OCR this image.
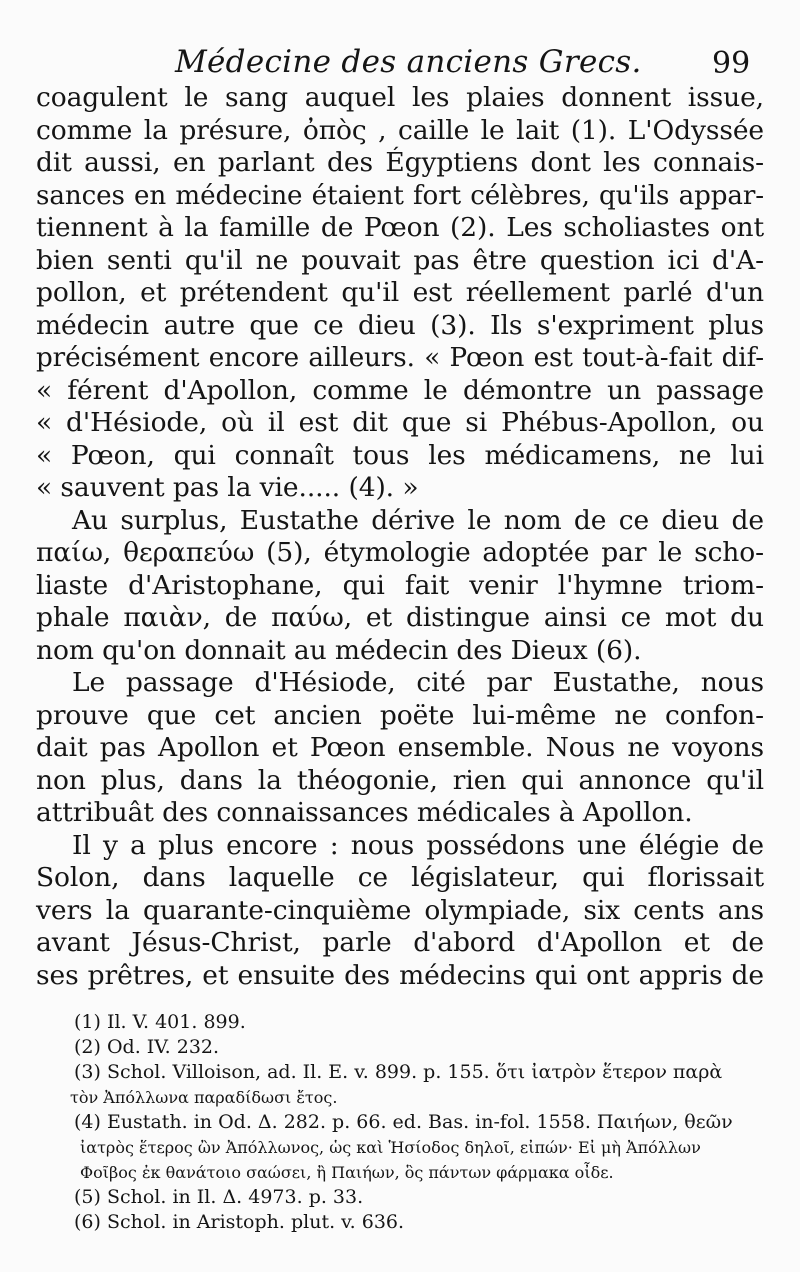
Médecine des anciens Grecs. 99
coagulent le sang auquel les plaies donnent issue,
comme la présure, ὀπὸς , caille le lait (1). L'Odyssée
dit aussi, en parlant des Égyptiens dont les connais-
sances en médecine étaient fort célèbres, qu'ils appar-
tiennent à la famille de Pœon (2). Les scholiastes ont
bien senti qu'il ne pouvait pas être question ici d'A-
pollon, et prétendent qu'il est réellement parlé d'un
médecin autre que ce dieu (3). Ils s'expriment plus
précisément encore ailleurs. « Pœon est tout-à-fait dif-
« férent d'Apollon, comme le démontre un passage
« d'Hésiode, où il est dit que si Phébus-Apollon, ou
« Pœon, qui connaît tous les médicamens, ne lui
« sauvent pas la vie..... (4). »
Au surplus, Eustathe dérive le nom de ce dieu de
παίω, θεραπεύω (5), étymologie adoptée par le scho-
liaste d'Aristophane, qui fait venir l'hymne triom-
phale παιὰν, de παύω, et distingue ainsi ce mot du
nom qu'on donnait au médecin des Dieux (6).
Le passage d'Hésiode, cité par Eustathe, nous
prouve que cet ancien poëte lui-même ne confon-
dait pas Apollon et Pœon ensemble. Nous ne voyons
non plus, dans la théogonie, rien qui annonce qu'il
attribuât des connaissances médicales à Apollon.
Il y a plus encore : nous possédons une élégie de
Solon, dans laquelle ce législateur, qui florissait
vers la quarante-cinquième olympiade, six cents ans
avant Jésus-Christ, parle d'abord d'Apollon et de
ses prêtres, et ensuite des médecins qui ont appris de
(1) Il. V. 401. 899.
(2) Od. IV. 232.
(3) Schol. Villoison, ad. Il. E. v. 899. p. 155. ὅτι ἰατρὸν ἕτερον παρὰ
τὸν Ἀπόλλωνα παραδίδωσι ἔτος.
(4) Eustath. in Od. Δ. 282. p. 66. ed. Bas. in-fol. 1558. Παιήων, θεῶν
ἰατρὸς ἕτερος ὢν Ἀπόλλωνος, ὡς καὶ Ἡσίοδος δηλοῖ, εἰπών· Εἰ μὴ Ἀπόλλων
Φοῖβος ἐκ θανάτοιο σαώσει, ἢ Παιήων, ὃς πάντων φάρμακα οἶδε.
(5) Schol. in Il. Δ. 4973. p. 33.
(6) Schol. in Aristoph. plut. v. 636.
